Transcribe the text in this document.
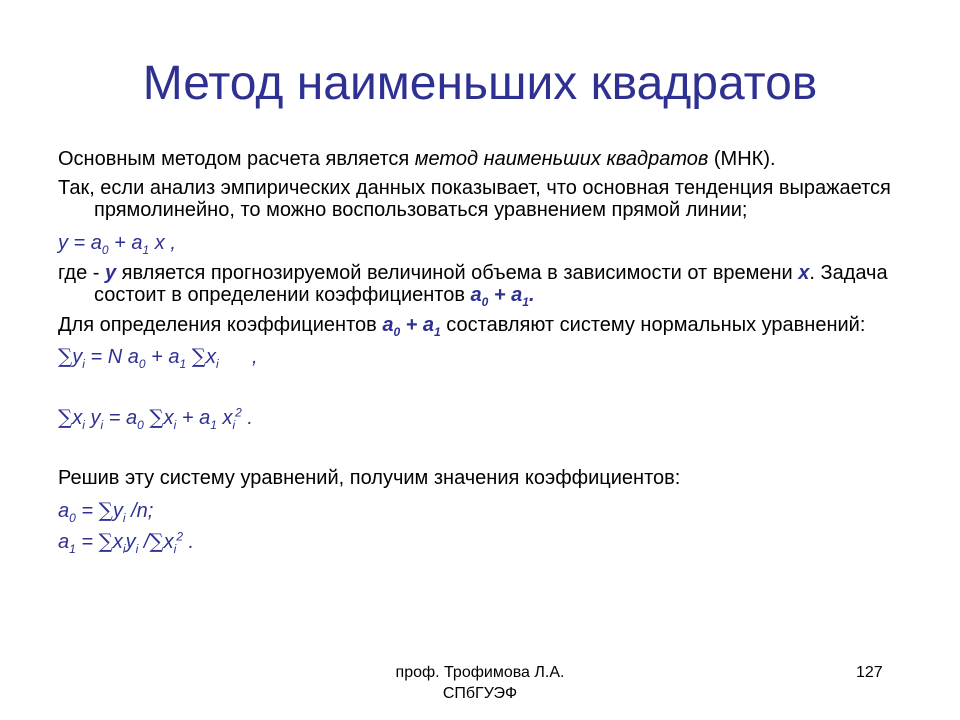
Метод наименьших квадратов

Основным методом расчета является метод наименьших квадратов (МНК).

Так, если анализ эмпирических данных показывает, что основная тенденция выражается прямолинейно, то можно воспользоваться уравнением прямой линии;

$y = a_0 + a_1$ x ,

где - y является прогнозируемой величиной объема в зависимости от времени x. Задача состоит в определении коэффициентов $a_0 + a_1$.

Для определения коэффициентов $a_0 + a_1$ составляют систему нормальных уравнений:

$\sum y_i = N$ $a_0 + a_1$ $\sum x_i$      ,

$\sum x_i$ $y_i = a_0$ $\sum x_i + a_1$ $x_i^2$ .

Решив эту систему уравнений, получим значения коэффициентов:

$a_0 = \sum y_i$ /n;

$a_1 = \sum x_iy_i$ $/\sum x_i^2$ .

проф. Трофимова Л.А.
СПбГУЭФ
127
